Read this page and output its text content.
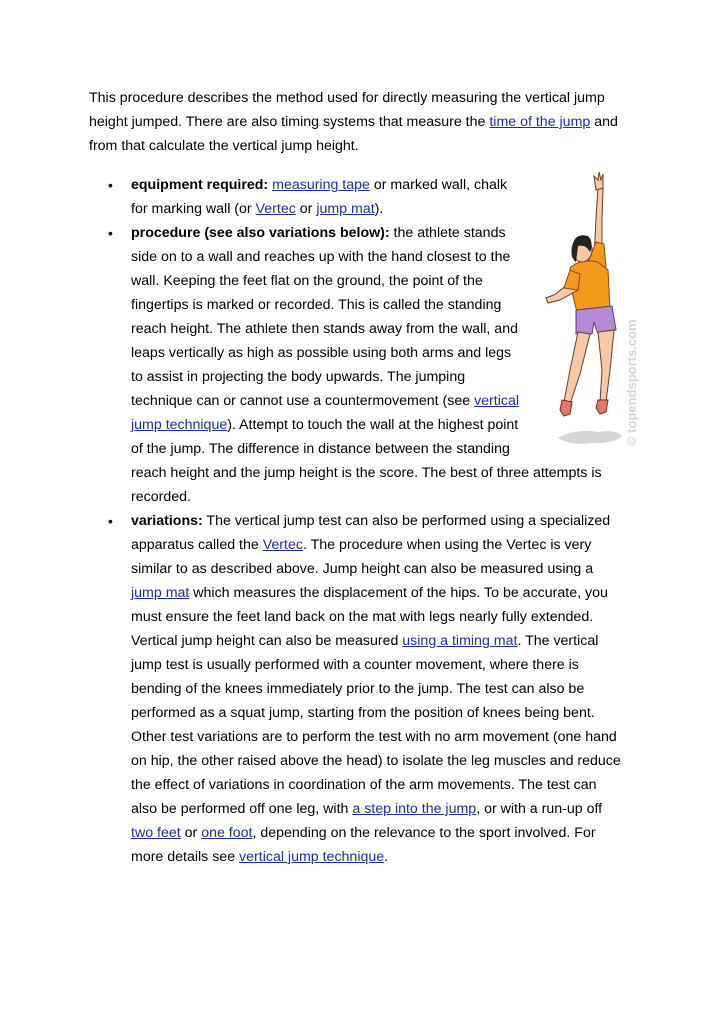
This procedure describes the method used for directly measuring the vertical jump
height jumped. There are also timing systems that measure the time of the jump and
from that calculate the vertical jump height.

• equipment required: measuring tape or marked wall, chalk
for marking wall (or Vertec or jump mat).
• procedure (see also variations below): the athlete stands
side on to a wall and reaches up with the hand closest to the
wall. Keeping the feet flat on the ground, the point of the
fingertips is marked or recorded. This is called the standing
reach height. The athlete then stands away from the wall, and
leaps vertically as high as possible using both arms and legs
to assist in projecting the body upwards. The jumping
technique can or cannot use a countermovement (see vertical
jump technique). Attempt to touch the wall at the highest point
of the jump. The difference in distance between the standing
reach height and the jump height is the score. The best of three attempts is
recorded.
• variations: The vertical jump test can also be performed using a specialized
apparatus called the Vertec. The procedure when using the Vertec is very
similar to as described above. Jump height can also be measured using a
jump mat which measures the displacement of the hips. To be accurate, you
must ensure the feet land back on the mat with legs nearly fully extended.
Vertical jump height can also be measured using a timing mat. The vertical
jump test is usually performed with a counter movement, where there is
bending of the knees immediately prior to the jump. The test can also be
performed as a squat jump, starting from the position of knees being bent.
Other test variations are to perform the test with no arm movement (one hand
on hip, the other raised above the head) to isolate the leg muscles and reduce
the effect of variations in coordination of the arm movements. The test can
also be performed off one leg, with a step into the jump, or with a run-up off
two feet or one foot, depending on the relevance to the sport involved. For
more details see vertical jump technique.
© topendsports.com
